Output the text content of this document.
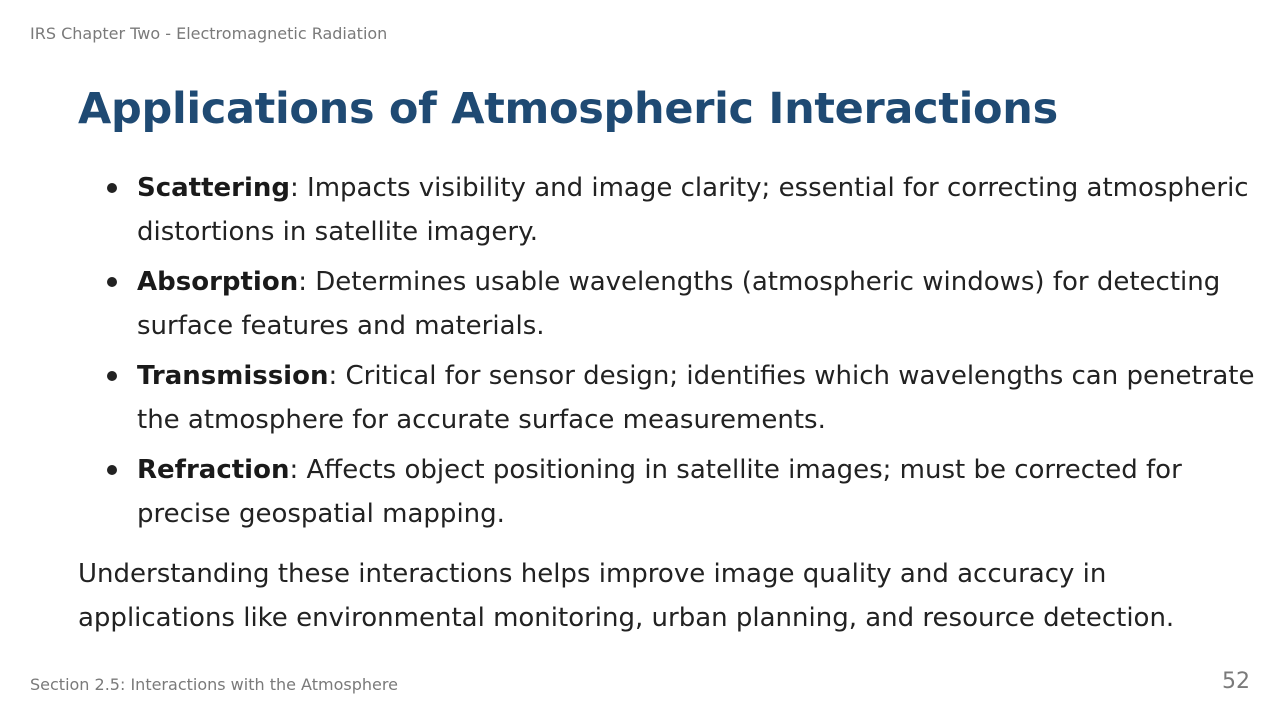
IRS Chapter Two - Electromagnetic Radiation
Applications of Atmospheric Interactions
Scattering: Impacts visibility and image clarity; essential for correcting atmospheric distortions in satellite imagery.
Absorption: Determines usable wavelengths (atmospheric windows) for detecting surface features and materials.
Transmission: Critical for sensor design; identifies which wavelengths can penetrate the atmosphere for accurate surface measurements.
Refraction: Affects object positioning in satellite images; must be corrected for precise geospatial mapping.

Understanding these interactions helps improve image quality and accuracy in applications like environmental monitoring, urban planning, and resource detection.

Section 2.5: Interactions with the Atmosphere	52
